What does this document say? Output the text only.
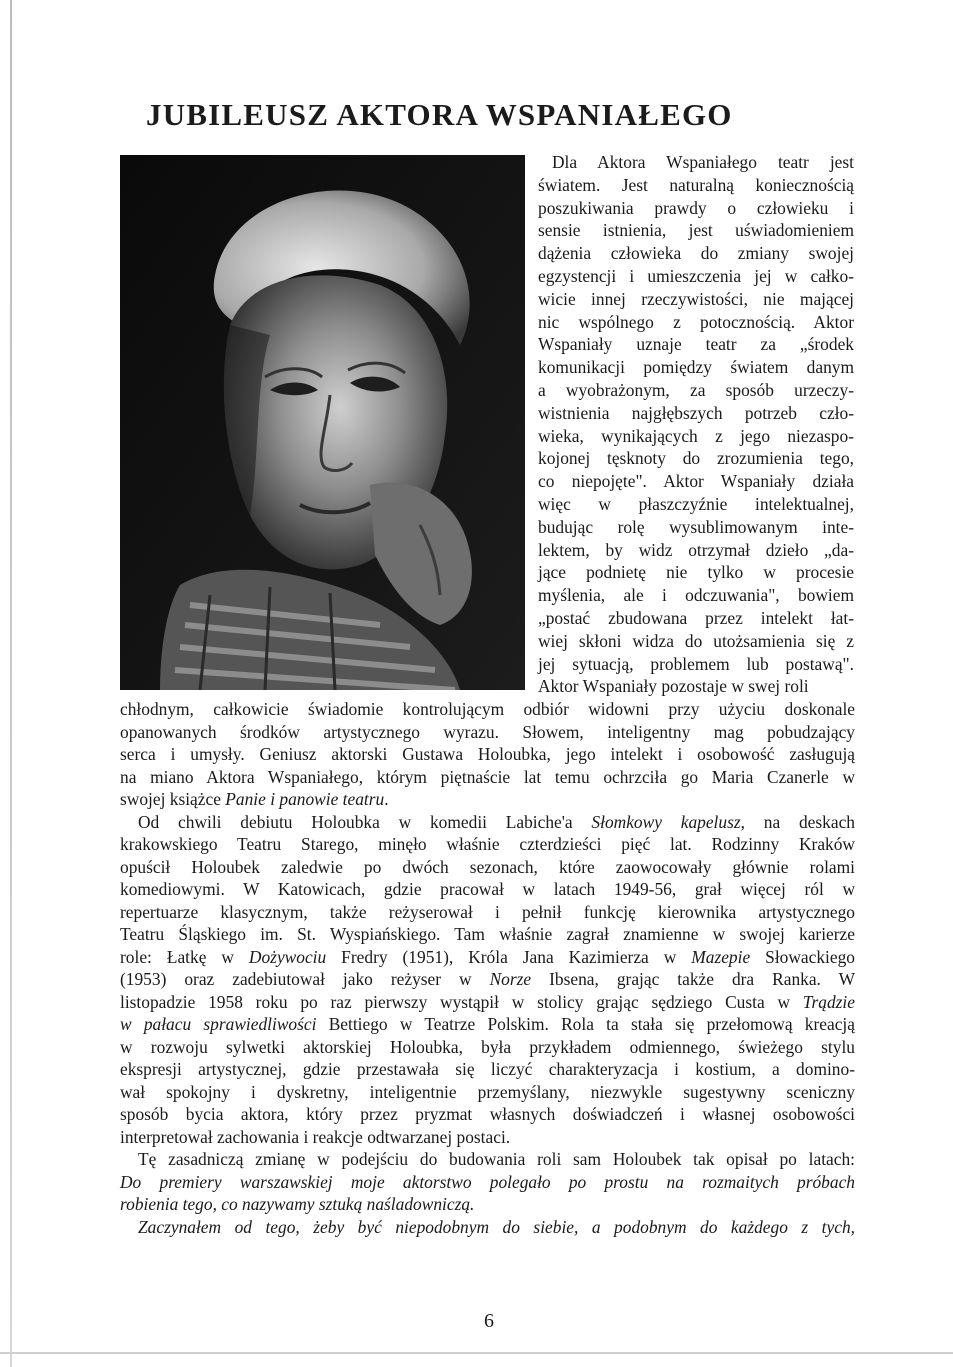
JUBILEUSZ AKTORA WSPANIAŁEGO
Dla Aktora Wspaniałego teatr jest
światem. Jest naturalną koniecznością
poszukiwania prawdy o człowieku i
sensie istnienia, jest uświadomieniem
dążenia człowieka do zmiany swojej
egzystencji i umieszczenia jej w całko-
wicie innej rzeczywistości, nie mającej
nic wspólnego z potocznością. Aktor
Wspaniały uznaje teatr za „środek
komunikacji pomiędzy światem danym
a wyobrażonym, za sposób urzeczy-
wistnienia najgłębszych potrzeb czło-
wieka, wynikających z jego niezaspo-
kojonej tęsknoty do zrozumienia tego,
co niepojęte". Aktor Wspaniały działa
więc w płaszczyźnie intelektualnej,
budując rolę wysublimowanym inte-
lektem, by widz otrzymał dzieło „da-
jące podnietę nie tylko w procesie
myślenia, ale i odczuwania", bowiem
„postać zbudowana przez intelekt łat-
wiej skłoni widza do utożsamienia się z
jej sytuacją, problemem lub postawą".
Aktor Wspaniały pozostaje w swej roli
chłodnym, całkowicie świadomie kontrolującym odbiór widowni przy użyciu doskonale
opanowanych środków artystycznego wyrazu. Słowem, inteligentny mag pobudzający
serca i umysły. Geniusz aktorski Gustawa Holoubka, jego intelekt i osobowość zasługują
na miano Aktora Wspaniałego, którym piętnaście lat temu ochrzciła go Maria Czanerle w
swojej książce Panie i panowie teatru.
Od chwili debiutu Holoubka w komedii Labiche'a Słomkowy kapelusz, na deskach
krakowskiego Teatru Starego, minęło właśnie czterdzieści pięć lat. Rodzinny Kraków
opuścił Holoubek zaledwie po dwóch sezonach, które zaowocowały głównie rolami
komediowymi. W Katowicach, gdzie pracował w latach 1949-56, grał więcej ról w
repertuarze klasycznym, także reżyserował i pełnił funkcję kierownika artystycznego
Teatru Śląskiego im. St. Wyspiańskiego. Tam właśnie zagrał znamienne w swojej karierze
role: Łatkę w Dożywociu Fredry (1951), Króla Jana Kazimierza w Mazepie Słowackiego
(1953) oraz zadebiutował jako reżyser w Norze Ibsena, grając także dra Ranka. W
listopadzie 1958 roku po raz pierwszy wystąpił w stolicy grając sędziego Custa w Trądzie
w pałacu sprawiedliwości Bettiego w Teatrze Polskim. Rola ta stała się przełomową kreacją
w rozwoju sylwetki aktorskiej Holoubka, była przykładem odmiennego, świeżego stylu
ekspresji artystycznej, gdzie przestawała się liczyć charakteryzacja i kostium, a domino-
wał spokojny i dyskretny, inteligentnie przemyślany, niezwykle sugestywny sceniczny
sposób bycia aktora, który przez pryzmat własnych doświadczeń i własnej osobowości
interpretował zachowania i reakcje odtwarzanej postaci.
Tę zasadniczą zmianę w podejściu do budowania roli sam Holoubek tak opisał po latach:
Do premiery warszawskiej moje aktorstwo polegało po prostu na rozmaitych próbach
robienia tego, co nazywamy sztuką naśladowniczą.
Zaczynałem od tego, żeby być niepodobnym do siebie, a podobnym do każdego z tych,
6
